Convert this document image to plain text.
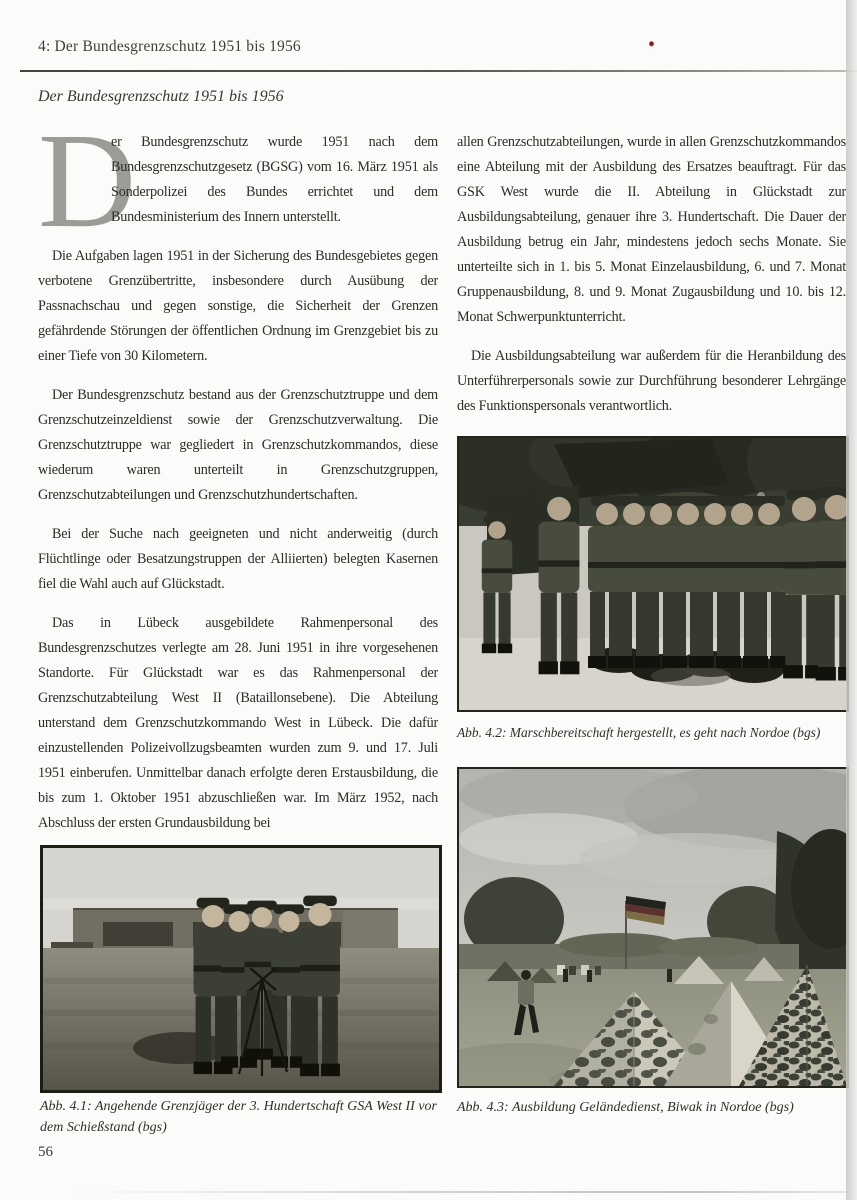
4: Der Bundesgrenzschutz 1951 bis 1956
Der Bundesgrenzschutz 1951 bis 1956

D
er Bundesgrenzschutz wurde 1951 nach dem Bundesgrenzschutzgesetz (BGSG) vom 16. März 1951 als Sonderpolizei des Bundes errichtet und dem Bundesministerium des Innern unterstellt.

Die Aufgaben lagen 1951 in der Sicherung des Bundesgebietes gegen verbotene Grenzübertritte, insbesondere durch Ausübung der Passnachschau und gegen sonstige, die Sicherheit der Grenzen gefährdende Störungen der öffentlichen Ordnung im Grenzgebiet bis zu einer Tiefe von 30 Kilometern.

Der Bundesgrenzschutz bestand aus der Grenzschutztruppe und dem Grenzschutzeinzeldienst sowie der Grenzschutzverwaltung. Die Grenzschutztruppe war gegliedert in Grenzschutzkommandos, diese wiederum waren unterteilt in Grenzschutzgruppen, Grenzschutzabteilungen und Grenzschutzhundertschaften.

Bei der Suche nach geeigneten und nicht anderweitig (durch Flüchtlinge oder Besatzungstruppen der Alliierten) belegten Kasernen fiel die Wahl auch auf Glückstadt.

Das in Lübeck ausgebildete Rahmenpersonal des Bundesgrenzschutzes verlegte am 28. Juni 1951 in ihre vorgesehenen Standorte. Für Glückstadt war es das Rahmenpersonal der Grenzschutzabteilung West II (Bataillonsebene). Die Abteilung unterstand dem Grenzschutzkommando West in Lübeck. Die dafür einzustellenden Polizeivollzugsbeamten wurden zum 9. und 17. Juli 1951 einberufen. Unmittelbar danach erfolgte deren Erstausbildung, die bis zum 1. Oktober 1951 abzuschließen war. Im März 1952, nach Abschluss der ersten Grundausbildung bei

allen Grenzschutzabteilungen, wurde in allen Grenzschutzkommandos eine Abteilung mit der Ausbildung des Ersatzes beauftragt. Für das GSK West wurde die II. Abteilung in Glückstadt zur Ausbildungsabteilung, genauer ihre 3. Hundertschaft. Die Dauer der Ausbildung betrug ein Jahr, mindestens jedoch sechs Monate. Sie unterteilte sich in 1. bis 5. Monat Einzelausbildung, 6. und 7. Monat Gruppenausbildung, 8. und 9. Monat Zugausbildung und 10. bis 12. Monat Schwerpunktunterricht.

Die Ausbildungsabteilung war außerdem für die Heranbildung des Unterführerpersonals sowie zur Durchführung besonderer Lehrgänge des Funktionspersonals verantwortlich.

Abb. 4.2: Marschbereitschaft hergestellt, es geht nach Nordoe (bgs)
Abb. 4.1: Angehende Grenzjäger der 3. Hundertschaft GSA West II vor dem Schießstand (bgs)
Abb. 4.3: Ausbildung Geländedienst, Biwak in Nordoe (bgs)
56
